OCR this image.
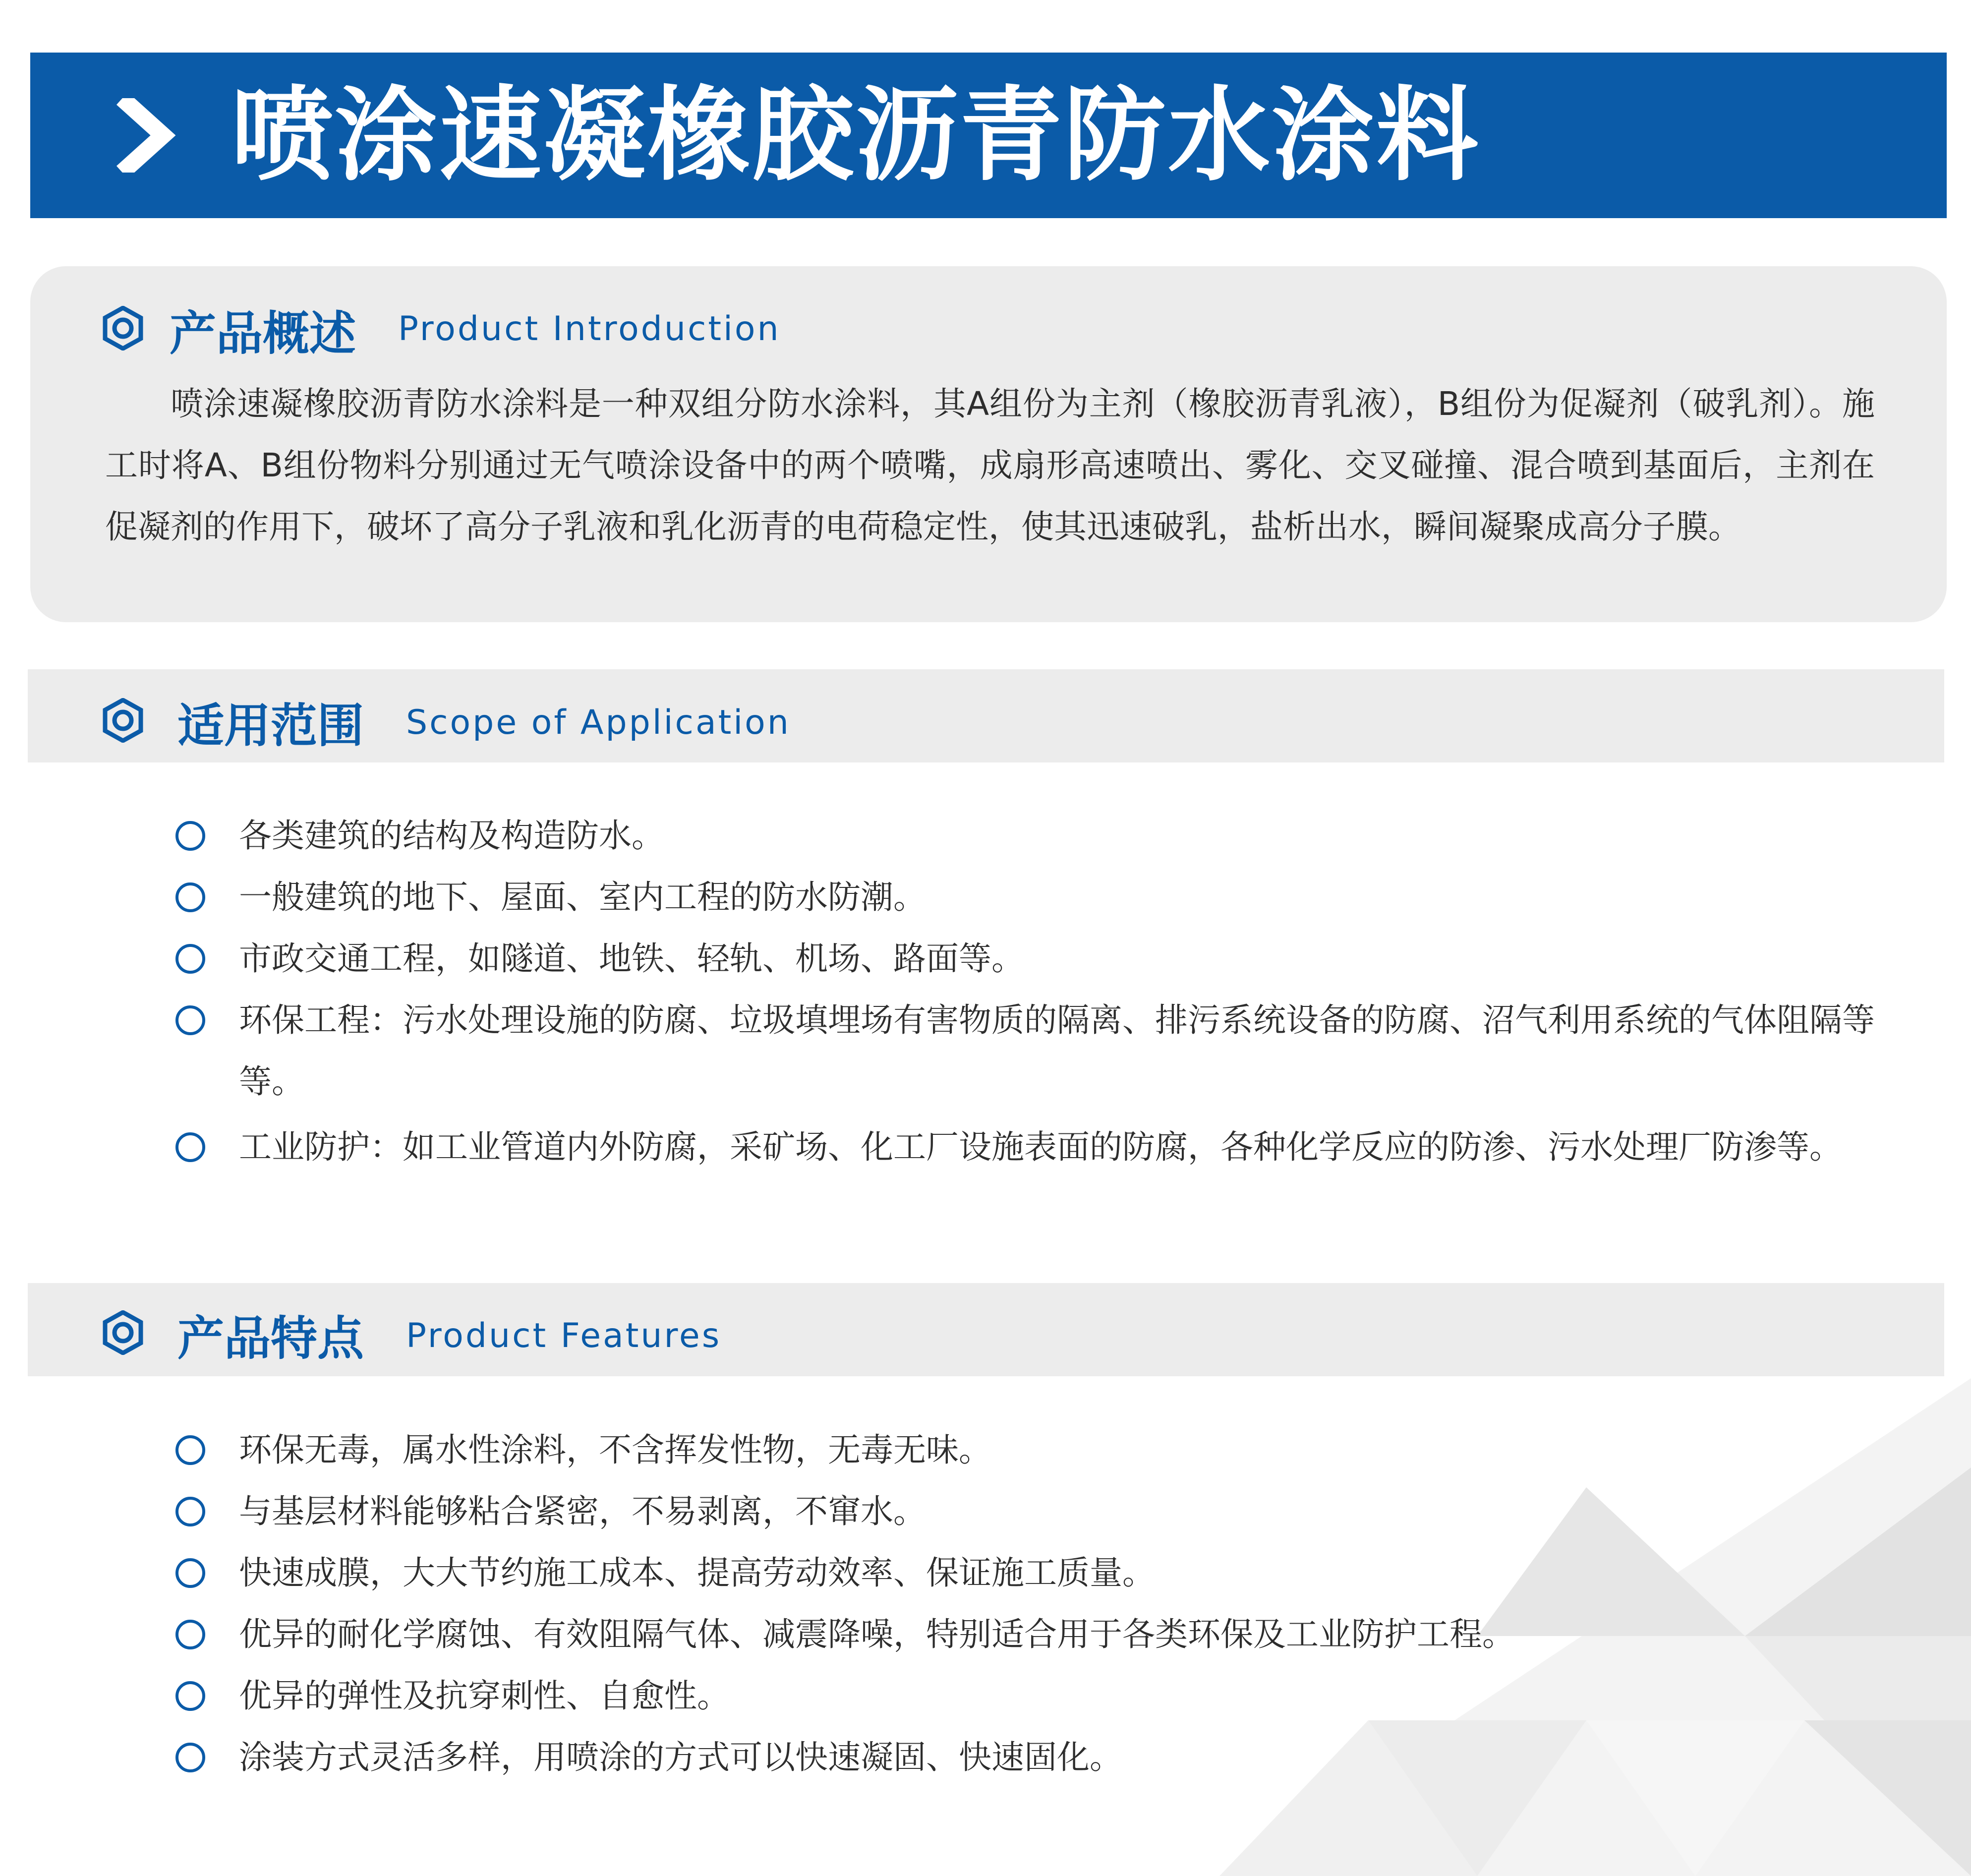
喷涂速凝橡胶沥青防水涂料
产品概述 Product Introduction

喷涂速凝橡胶沥青防水涂料是一种双组分防水涂料，其A组份为主剂（橡胶沥青乳液），B组份为促凝剂（破乳剂）。施工时将A、B组份物料分别通过无气喷涂设备中的两个喷嘴，成扇形高速喷出、雾化、交叉碰撞、混合喷到基面后，主剂在促凝剂的作用下，破坏了高分子乳液和乳化沥青的电荷稳定性，使其迅速破乳，盐析出水，瞬间凝聚成高分子膜。

适用范围 Scope of Application
各类建筑的结构及构造防水。
一般建筑的地下、屋面、室内工程的防水防潮。
市政交通工程，如隧道、地铁、轻轨、机场、路面等。
环保工程：污水处理设施的防腐、垃圾填埋场有害物质的隔离、排污系统设备的防腐、沼气利用系统的气体阻隔等等。
工业防护：如工业管道内外防腐，采矿场、化工厂设施表面的防腐，各种化学反应的防渗、污水处理厂防渗等。
产品特点 Product Features
环保无毒，属水性涂料，不含挥发性物，无毒无味。
与基层材料能够粘合紧密，不易剥离，不窜水。
快速成膜，大大节约施工成本、提高劳动效率、保证施工质量。
优异的耐化学腐蚀、有效阻隔气体、减震降噪，特别适合用于各类环保及工业防护工程。
优异的弹性及抗穿刺性、自愈性。
涂装方式灵活多样，用喷涂的方式可以快速凝固、快速固化。
